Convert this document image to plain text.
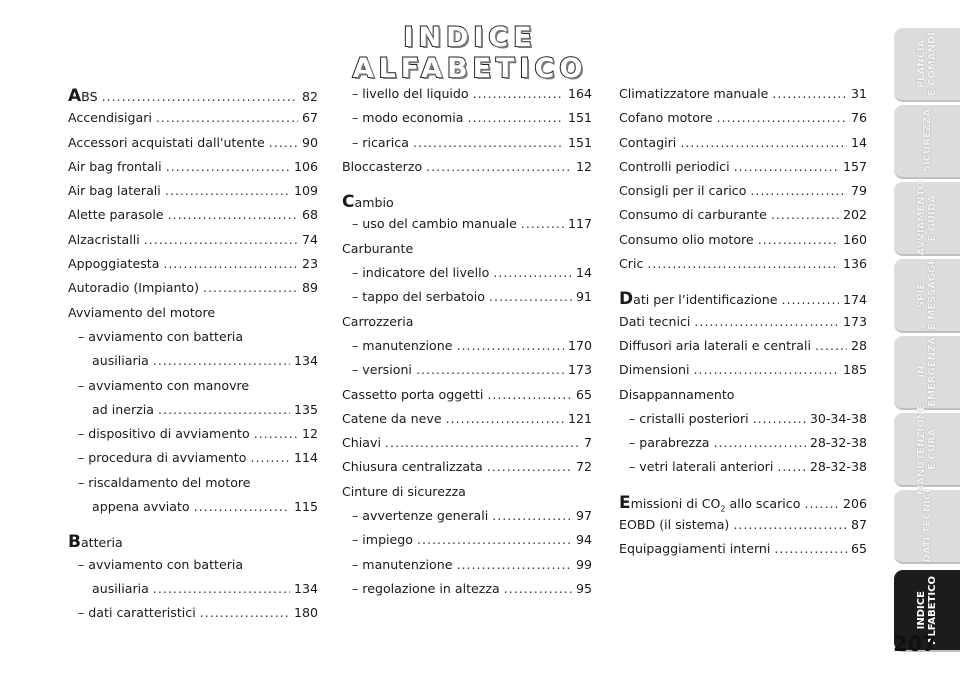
INDICE ALFABETICO
ABS .....	82
Accendisigari .....	67
Accessori acquistati dall'utente .....	90
Air bag frontali .....	106
Air bag laterali .....	109
Alette parasole .....	68
Alzacristalli .....	74
Appoggiatesta .....	23
Autoradio (Impianto) .....	89
Avviamento del motore
– avviamento con batteria
ausiliaria .....	134
– avviamento con manovre
ad inerzia .....	135
– dispositivo di avviamento .....	12
– procedura di avviamento .....	114
– riscaldamento del motore
appena avviato .....	115
Batteria
– avviamento con batteria
ausiliaria .....	134
– dati caratteristici .....	180
– livello del liquido .....	164
– modo economia .....	151
– ricarica .....	151
Bloccasterzo .....	12
Cambio
– uso del cambio manuale .....	117
Carburante
– indicatore del livello .....	14
– tappo del serbatoio .....	91
Carrozzeria
– manutenzione .....	170
– versioni .....	173
Cassetto porta oggetti .....	65
Catene da neve .....	121
Chiavi .....	7
Chiusura centralizzata .....	72
Cinture di sicurezza
– avvertenze generali .....	97
– impiego .....	94
– manutenzione .....	99
– regolazione in altezza .....	95
Climatizzatore manuale .....	31
Cofano motore .....	76
Contagiri .....	14
Controlli periodici .....	157
Consigli per il carico .....	79
Consumo di carburante .....	202
Consumo olio motore .....	160
Cric .....	136
Dati per l’identificazione .....	174
Dati tecnici .....	173
Diffusori aria laterali e centrali .....	28
Dimensioni .....	185
Disappannamento
– cristalli posteriori .....	30-34-38
– parabrezza .....	28-32-38
– vetri laterali anteriori .....	28-32-38
Emissioni di $CO_2$ allo scarico .....	206
EOBD (il sistema) .....	87
Equipaggiamenti interni .....	65
PLANCIA
E COMANDI
SICUREZZA
AVVIAMENTO
E GUIDA
SPIE
E MESSAGGI
IN
EMERGENZA
MANUTENZIONE
E CURA
DATI TECNICI
INDICE
ALFABETICO
207
